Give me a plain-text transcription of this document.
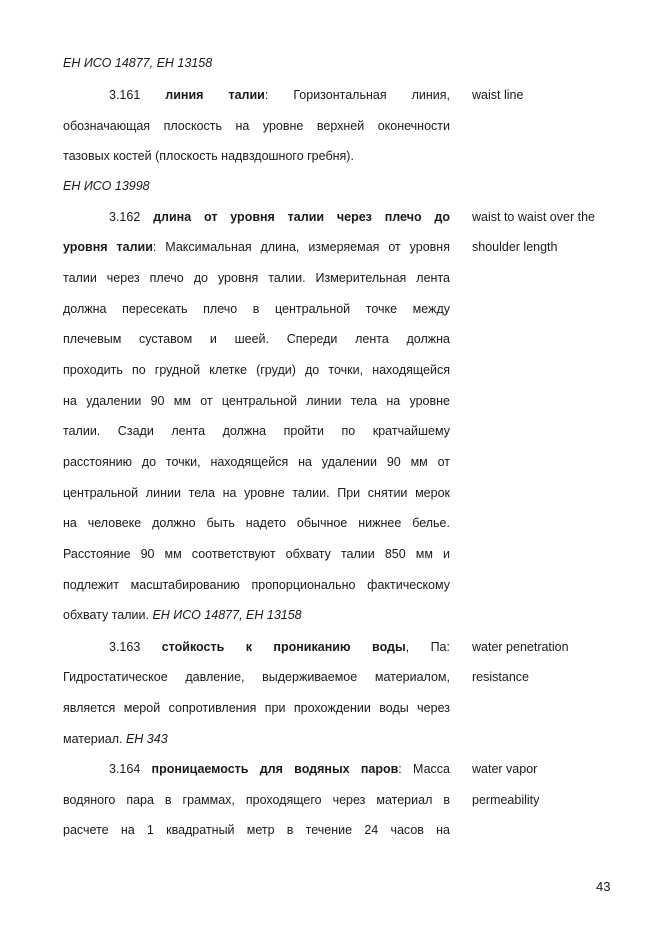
ЕН ИСО 14877, ЕН 13158
3.161 линия талии: Горизонтальная линия,
обозначающая плоскость на уровне верхней оконечности
тазовых костей (плоскость надвздошного гребня).
waist line
ЕН ИСО 13998
3.162 длина от уровня талии через плечо до
уровня талии: Максимальная длина, измеряемая от уровня
талии через плечо до уровня талии. Измерительная лента
должна пересекать плечо в центральной точке между
плечевым суставом и шеей. Спереди лента должна
проходить по грудной клетке (груди) до точки, находящейся
на удалении 90 мм от центральной линии тела на уровне
талии. Сзади лента должна пройти по кратчайшему
расстоянию до точки, находящейся на удалении 90 мм от
центральной линии тела на уровне талии. При снятии мерок
на человеке должно быть надето обычное нижнее белье.
Расстояние 90 мм соответствуют обхвату талии 850 мм и
подлежит масштабированию пропорционально фактическому
обхвату талии. ЕН ИСО 14877, ЕН 13158
waist to waist over the
shoulder length
3.163 стойкость к прониканию воды, Па:
Гидростатическое давление, выдерживаемое материалом,
является мерой сопротивления при прохождении воды через
материал. ЕН 343
water penetration
resistance
3.164 проницаемость для водяных паров: Масса
водяного пара в граммах, проходящего через материал в
расчете на 1 квадратный метр в течение 24 часов на
water vapor
permeability
43
